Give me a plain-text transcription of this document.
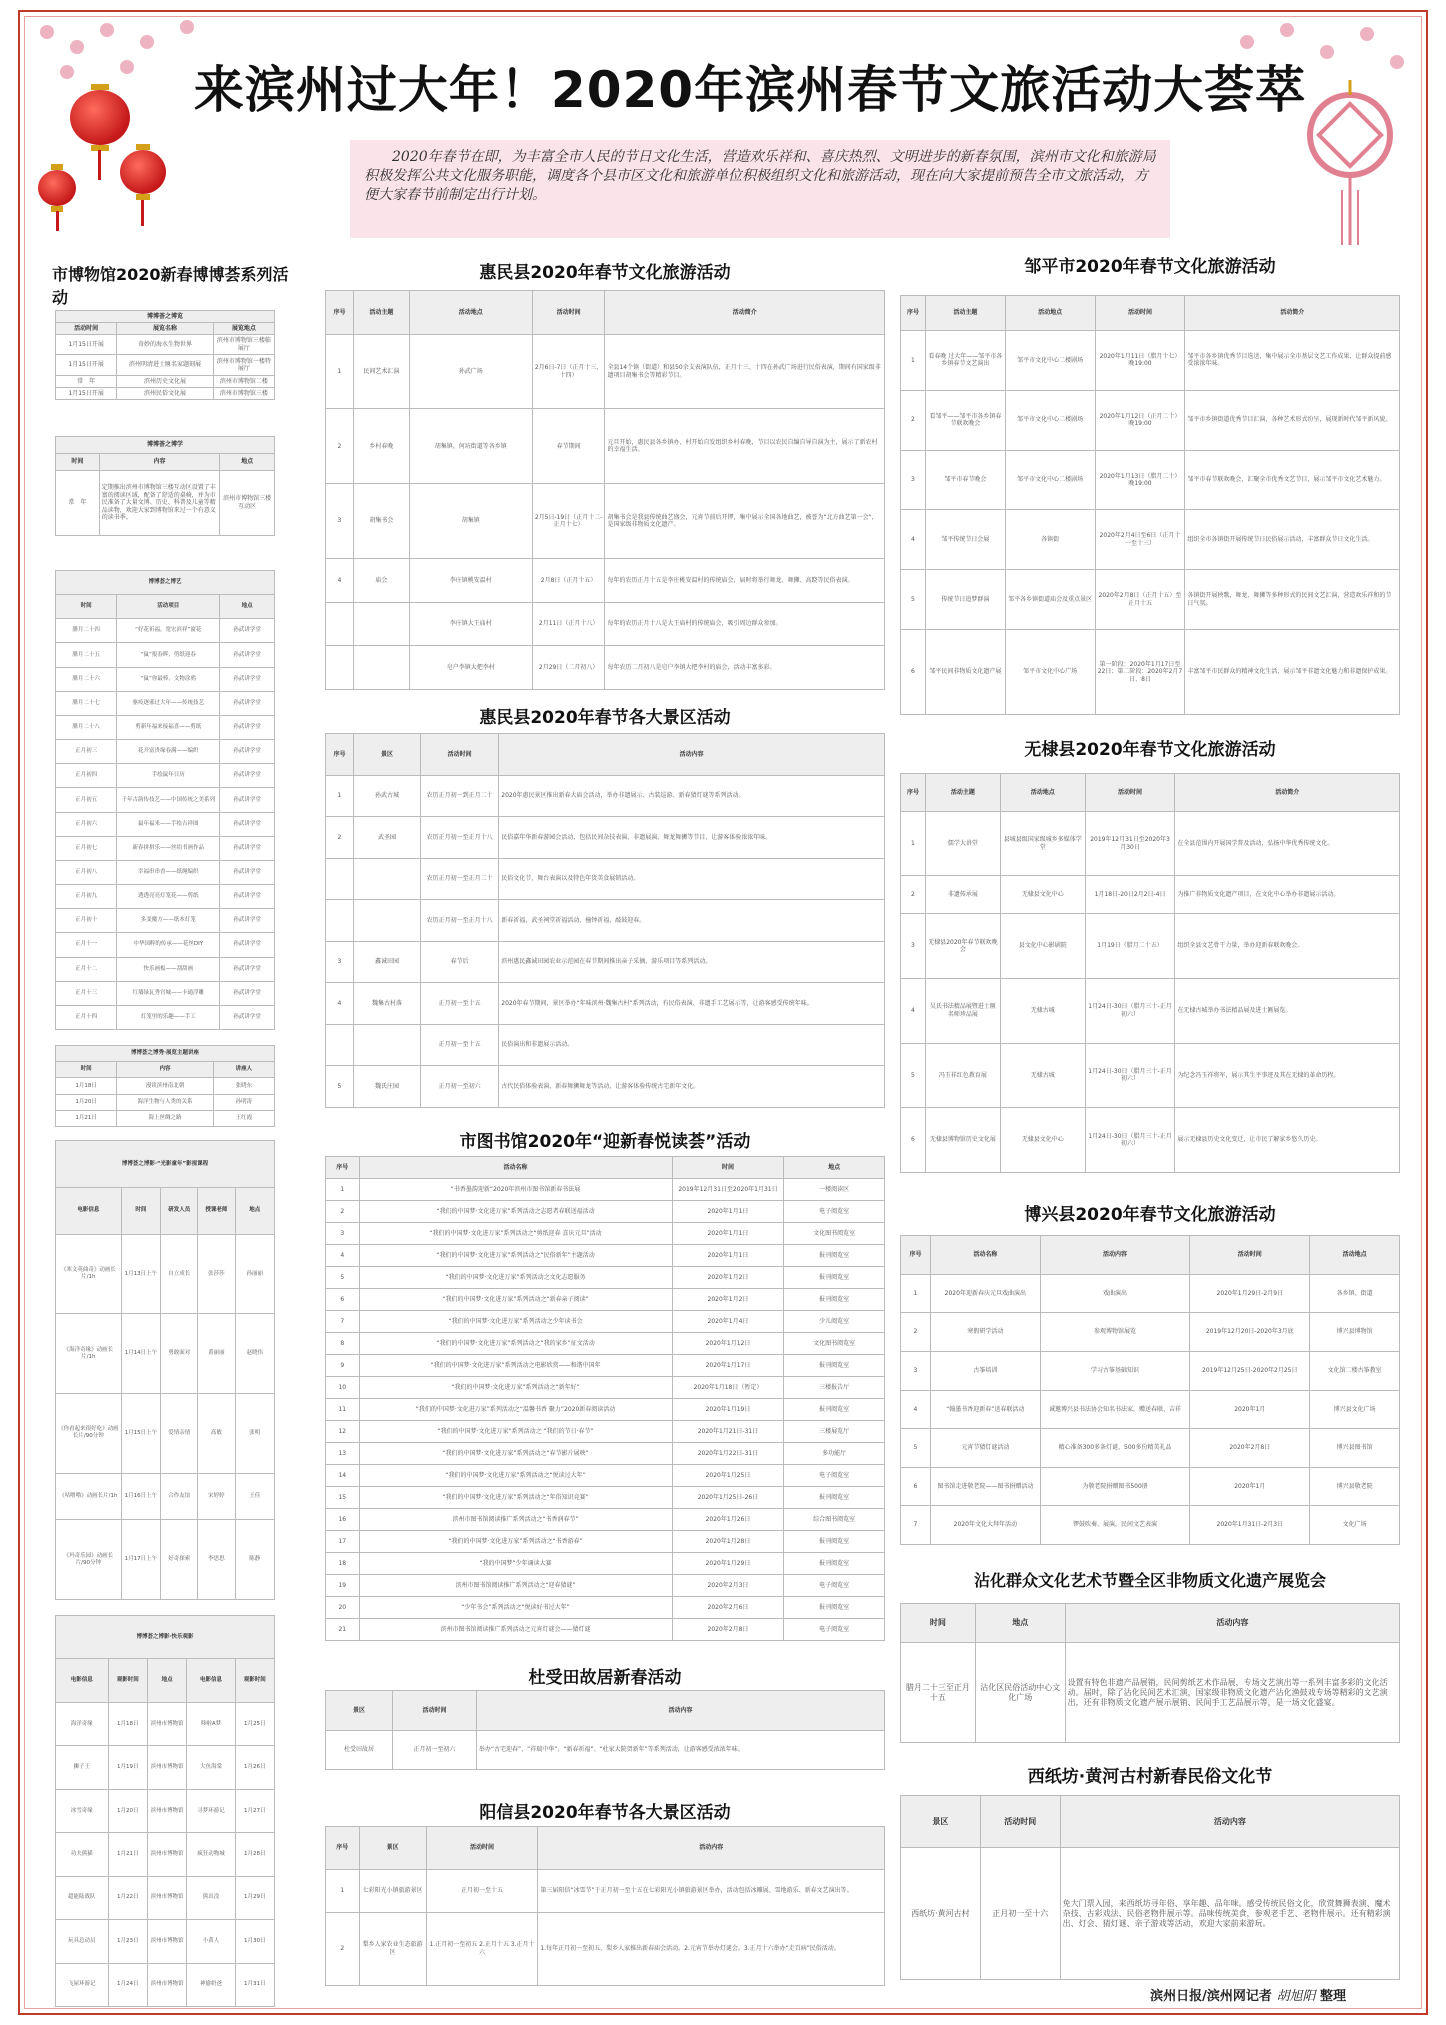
来滨州过大年！2020年滨州春节文旅活动大荟萃
2020年春节在即，为丰富全市人民的节日文化生活，营造欢乐祥和、喜庆热烈、文明进步的新春氛围，滨州市文化和旅游局积极发挥公共文化服务职能，调度各个县市区文化和旅游单位积极组织文化和旅游活动，现在向大家提前预告全市文旅活动，方便大家春节前制定出行计划。
市博物馆2020新春博博荟系列活动
博博荟之博览		
活动时间	展览名称	展览地点
1月15日开展	奇妙的海水生物世界	滨州市博物馆三楼临展厅
1月15日开展	滨州明清进士匾名家题刻展	滨州市博物馆一楼特展厅
常　年	滨州历史文化展	滨州市博物馆二楼
1月15日开展	滨州民俗文化展	滨州市博物馆三楼
博博荟之博学		
时间	内容	地点
常　年	定期推出滨州市博物馆三楼互动区设置了丰富的阅读区域，配备了舒适的桌椅，并为市民准备了大量文博、历史、科普及儿童等精品读物，欢迎大家到博物馆来过一个有意义的读书季。	滨州市博物馆三楼互动区
博博荟之博艺		
时间	活动项目	地点
腊月二十四	“好花祈福，宽宏滨祥”窗花	孙武讲学堂
腊月二十五	“鼠”报春晖，剪纸迎春	孙武讲学堂
腊月二十六	“鼠”你最棒，文物涂鸦	孙武讲学堂
腊月二十七	驱疫逐邪过大年——传统技艺	孙武讲学堂
腊月二十八	剪新年福来接福喜——剪纸	孙武讲学堂
正月初三	花开富贵缘春满——编织	孙武讲学堂
正月初四	手绘鼠年日历	孙武讲学堂
正月初五	千年古韵传技艺——中国传统之美系列	孙武讲学堂
正月初六	鼠年福米——手绘吉祥图	孙武讲学堂
正月初七	新春拼拼乐——丝绢书画作品	孙武讲学堂
正月初八	幸福串串香——纸绳编织	孙武讲学堂
正月初九	透透亮亮灯笼花——剪纸	孙武讲学堂
正月初十	多变魔方——纸本灯笼	孙武讲学堂
正月十一	中华国粹的传承——花丝DIY	孙武讲学堂
正月十二	快乐画板——刮刮画	孙武讲学堂
正月十三	红墙绿瓦秀宫城——卡通浮雕	孙武讲学堂
正月十四	灯笼里的乐趣——手工	孙武讲学堂
博博荟之博秀·展览主题讲座		
时间	内容	讲座人
1月18日	漫谈滨州南北朝	张晓东
1月20日	海洋生物与人类的关系	孙明涛
1月21日	海上丝绸之路	王红霞
博博荟之博影·“光影童年”影视课程				
电影信息	时间	研发人员	授课老师	地点
《寒文英曲奇》动画长片/1h	1月13日上午	自立成长	张莎莎	孙丽丽
《海洋奇缘》动画长片/1h	1月14日上午	勇敢面对	黄丽丽	赵晓伟
《你看起来很好吃》动画长片/90分钟	1月15日上午	爱情亲情	高敏	张明
《咕噜噜》动画长片/1h	1月16日上午	合作友谊	宋婷婷	王佳
《玛奇乐园》动画长片/90分钟	1月17日上午	好奇探索	李思思	陈静
博博荟之博影·快乐观影				
电影信息	观影时间	地点	电影信息	观影时间
海洋奇缘	1月18日	滨州市博物馆	哆啦A梦	1月25日
狮子王	1月19日	滨州市博物馆	大鱼海棠	1月26日
冰雪奇缘	1月20日	滨州市博物馆	寻梦环游记	1月27日
功夫熊猫	1月21日	滨州市博物馆	疯狂动物城	1月28日
超能陆战队	1月22日	滨州市博物馆	熊出没	1月29日
玩具总动员	1月23日	滨州市博物馆	小黄人	1月30日
飞屋环游记	1月24日	滨州市博物馆	神偷奶爸	1月31日
惠民县2020年春节文化旅游活动
序号	活动主题	活动地点	活动时间	活动简介
1	民间艺术汇演	孙武广场	2月6日-7日（正月十三、十四）	全县14个镇（街道）和县50余支表演队伍，正月十三、十四在孙武广场进行民俗表演，期间有国家级非遗项目胡集书会等精彩节目。
2	乡村春晚	胡集镇、何坊街道等各乡镇	春节期间	元旦开始，惠民县各乡镇办、村开始自发组织乡村春晚，节目以农民自编自导自演为主，展示了新农村的幸福生活。
3	胡集书会	胡集镇	2月5日-19日（正月十二-正月十七）	胡集书会是我县传统曲艺盛会，元宵节前后开锣，集中展示全国各地曲艺，被誉为“北方曲艺第一会”，是国家级非物质文化遗产。
4	庙会	李庄镇桃安温村	2月8日（正月十五）	每年的农历正月十五是李庄桃安温村的传统庙会，届时将举行舞龙、舞狮、高跷等民俗表演。
		李庄镇大王庙村	2月11日（正月十八）	每年的农历正月十八是大王庙村的传统庙会，吸引周边群众参加。
		皂户李镇大把李村	2月29日（二月初八）	每年农历二月初八是皂户李镇大把李村的庙会，活动丰富多彩。
惠民县2020年春节各大景区活动
序号	景区	活动时间	活动内容
1	孙武古城	农历正月初一到正月二十	2020年惠民景区推出新春大庙会活动，举办非遗展示、古装巡游、新春猜灯谜等系列活动。
2	武圣园	农历正月初一至正月十八	民俗嘉年华新春游园会活动，包括民间杂技表演、非遗展演、舞龙舞狮等节目，让游客体验浓浓年味。
		农历正月初一至正月二十	民俗文化节，舞台表演以及特色年货美食展销活动。
		农历正月初一至正月十八	新春祈福，武圣祠堂祈福活动，撞钟祈福、敲鼓迎春。
3	鑫诚田园	春节后	滨州惠民鑫诚田园农业示范园在春节期间推出亲子采摘、游乐项目等系列活动。
4	魏集古村落	正月初一至十五	2020年春节期间，景区举办“年味滨州·魏集古村”系列活动，有民俗表演、非遗手工艺展示等，让游客感受传统年味。
		正月初一至十五	民俗演出和非遗展示活动。
5	魏氏庄园	正月初一至初六	古代民俗体验表演、新春舞狮舞龙等活动，让游客体验传统古宅新年文化。
市图书馆2020年“迎新春悦读荟”活动
序号	活动名称	时间	地点
1	“书香墨韵迎新”2020年滨州市图书馆新春书法展	2019年12月31日至2020年1月31日	一楼阅读区
2	“我们的中国梦·文化进万家”系列活动之志愿者春联送福活动	2020年1月1日	电子阅览室
3	“我们的中国梦·文化进万家”系列活动之“剪纸迎春 喜庆元旦”活动	2020年1月1日	文化图书阅览室
4	“我们的中国梦·文化进万家”系列活动之“民俗新年”主题活动	2020年1月1日	报刊阅览室
5	“我们的中国梦·文化进万家”系列活动之文化志愿服务	2020年1月2日	报刊阅览室
6	“我们的中国梦·文化进万家”系列活动之“新春亲子阅读”	2020年1月2日	报刊阅览室
7	“我们的中国梦·文化进万家”系列活动之少年读书会	2020年1月4日	少儿阅览室
8	“我们的中国梦·文化进万家”系列活动之“我的家乡”征文活动	2020年1月12日	文化图书阅览室
9	“我们的中国梦·文化进万家”系列活动之电影欣赏——和谐中国年	2020年1月17日	报刊阅览室
10	“我们的中国梦·文化进万家”系列活动之“新年好”	2020年1月18日（暂定）	三楼报告厅
11	“我们的中国梦·文化进万家”系列活动之“温馨书香 聚力”2020新春阅读活动	2020年1月19日	报刊阅览室
12	“我们的中国梦·文化进万家”系列活动之 “我们的节日·春节”	2020年1月21日-31日	三楼展览厅
13	“我们的中国梦·文化进万家”系列活动之“春节影片展映”	2020年1月22日-31日	多功能厅
14	“我们的中国梦·文化进万家”系列活动之“悦读过大年”	2020年1月25日	电子阅览室
15	“我们的中国梦·文化进万家”系列活动之“年俗知识竞赛”	2020年1月25日-26日	报刊阅览室
16	滨州市图书馆阅读推广系列活动之“书香润春节”	2020年1月26日	综合图书阅览室
17	“我们的中国梦·文化进万家”系列活动之“书香游春”	2020年1月28日	报刊阅览室
18	“我的中国梦”少年诵读大赛	2020年1月29日	报刊阅览室
19	滨州市图书馆阅读推广系列活动之“迎春猜谜”	2020年2月3日	电子阅览室
20	“少年书会”系列活动之“悦读好书过大年”	2020年2月6日	报刊阅览室
21	滨州市图书馆阅读推广系列活动之元宵灯谜会——猜灯谜	2020年2月8日	电子阅览室
杜受田故居新春活动
景区	活动时间	活动内容
杜受田故居	正月初一至初六	举办“古宅迎春”、“祥瑞中华”、“新春祈福”、“杜家大院贺新年”等系列活动，让游客感受浓浓年味。
阳信县2020年春节各大景区活动
序号	景区	活动时间	活动内容
1	七彩阳光小镇旅游景区	正月初一至十五	第三届阳信“冰雪节”于正月初一至十五在七彩阳光小镇旅游景区举办，活动包括冰雕展、雪地游乐、新春文艺演出等。
2	梨乡人家农业生态旅游区	1.正月初一至初五 2.正月十五 3.正月十六	1.每年正月初一至初五，梨乡人家推出新春庙会活动。2.元宵节举办灯谜会。3.正月十六举办“走百病”民俗活动。
邹平市2020年春节文化旅游活动
序号	活动主题	活动地点	活动时间	活动简介
1	看春晚 过大年——邹平市各乡镇春节文艺演出	邹平市文化中心二楼剧场	2020年1月11日（腊月十七）晚19:00	邹平市各乡镇优秀节目选送，集中展示全市基层文艺工作成果，让群众提前感受浓浓年味。
2	看邹平——邹平市各乡镇春节联欢晚会	邹平市文化中心二楼剧场	2020年1月12日（正月二十）晚19:00	邹平市乡镇街道优秀节目汇演，各种艺术形式纷呈，展现新时代邹平新风貌。
3	邹平市春节晚会	邹平市文化中心二楼剧场	2020年1月13日（腊月二十）晚19:00	邹平市春节联欢晚会，汇聚全市优秀文艺节目，展示邹平市文化艺术魅力。
4	邹平传统节日会展	各镇街	2020年2月4日至6日（正月十一至十三）	组织全市各镇街开展传统节日民俗展示活动，丰富群众节日文化生活。
5	传统节日追梦群演	邹平各乡镇街道庙会及重点景区	2020年2月8日（正月十五）至正月十五	各镇街开展秧歌、舞龙、舞狮等多种形式的民间文艺汇演，营造欢乐祥和的节日气氛。
6	邹平民间非物质文化遗产展	邹平市文化中心广场	第一阶段：2020年1月17日至22日；第二阶段：2020年2月7日、8日	丰富邹平市民群众的精神文化生活，展示邹平非遗文化魅力和非遗保护成果。
无棣县2020年春节文化旅游活动
序号	活动主题	活动地点	活动时间	活动简介
1	儒学大讲堂	县城县级国家级城乡多媒体学堂	2019年12月31日至2020年3月30日	在全县范围内开展国学普及活动，弘扬中华优秀传统文化。
2	非遗传承展	无棣县文化中心	1月18日-20日2月2日-4日	为推广非物质文化遗产项目，在文化中心举办非遗展示活动。
3	无棣县2020年春节联欢晚会	县文化中心影剧院	1月19日（腊月二十五）	组织全县文艺骨干力量，举办迎新春联欢晚会。
4	吴氏书法精品展暨进士匾名师珍品展	无棣古城	1月24日-30日（腊月三十-正月初六）	在无棣古城举办书法精品展及进士匾展览。
5	冯玉祥红色教育展	无棣古城	1月24日-30日（腊月三十-正月初六）	为纪念冯玉祥将军，展示其生平事迹及其在无棣的革命历程。
6	无棣县博物馆历史文化展	无棣县文化中心	1月24日-30日（腊月三十-正月初六）	展示无棣县历史文化变迁，让市民了解家乡悠久历史。
博兴县2020年春节文化旅游活动
序号	活动名称	活动内容	活动时间	活动地点
1	2020年迎新春庆元旦戏曲演出	戏曲演出	2020年1月29日-2月9日	各乡镇、街道
2	寒假研学活动	参观博物馆展览	2019年12月20日-2020年3月底	博兴县博物馆
3	古筝培训	学习古筝基础知识	2019年12月25日-2020年2月25日	文化馆二楼古筝教室
4	“翰墨书香迎新春”送春联活动	诚邀博兴县书法协会知名书法家，赠送春联、吉祥	2020年1月	博兴县文化广场
5	元宵节猜灯谜活动	精心准备300多条灯谜、500多份精美礼品	2020年2月8日	博兴县图书馆
6	图书馆走进敬老院——图书捐赠活动	为敬老院捐赠图书500册	2020年1月	博兴县敬老院
7	2020年文化大拜年活动	锣鼓吹奏、展演，民间文艺表演	2020年1月31日-2月3日	文化广场
沾化群众文化艺术节暨全区非物质文化遗产展览会
时间	地点	活动内容
腊月二十三至正月十五	沾化区民俗活动中心文化广场	设置有特色非遗产品展销，民间剪纸艺术作品展，专场文艺演出等一系列丰富多彩的文化活动。届时，除了沾化民间艺术汇演，国家级非物质文化遗产沾化渔鼓戏专场等精彩的文艺演出，还有非物质文化遗产展示展销、民间手工艺品展示等，是一场文化盛宴。
西纸坊·黄河古村新春民俗文化节
景区	活动时间	活动内容
西纸坊·黄河古村	正月初一至十六	免大门票入园，来西纸坊寻年俗、享年趣、品年味。感受传统民俗文化，欣赏舞狮表演、魔术杂技、古彩戏法、民俗老物件展示等。品味传统美食，参观老手艺、老物件展示。还有精彩演出、灯会、猜灯谜、亲子游戏等活动，欢迎大家前来游玩。
滨州日报/滨州网记者 胡旭阳 整理
